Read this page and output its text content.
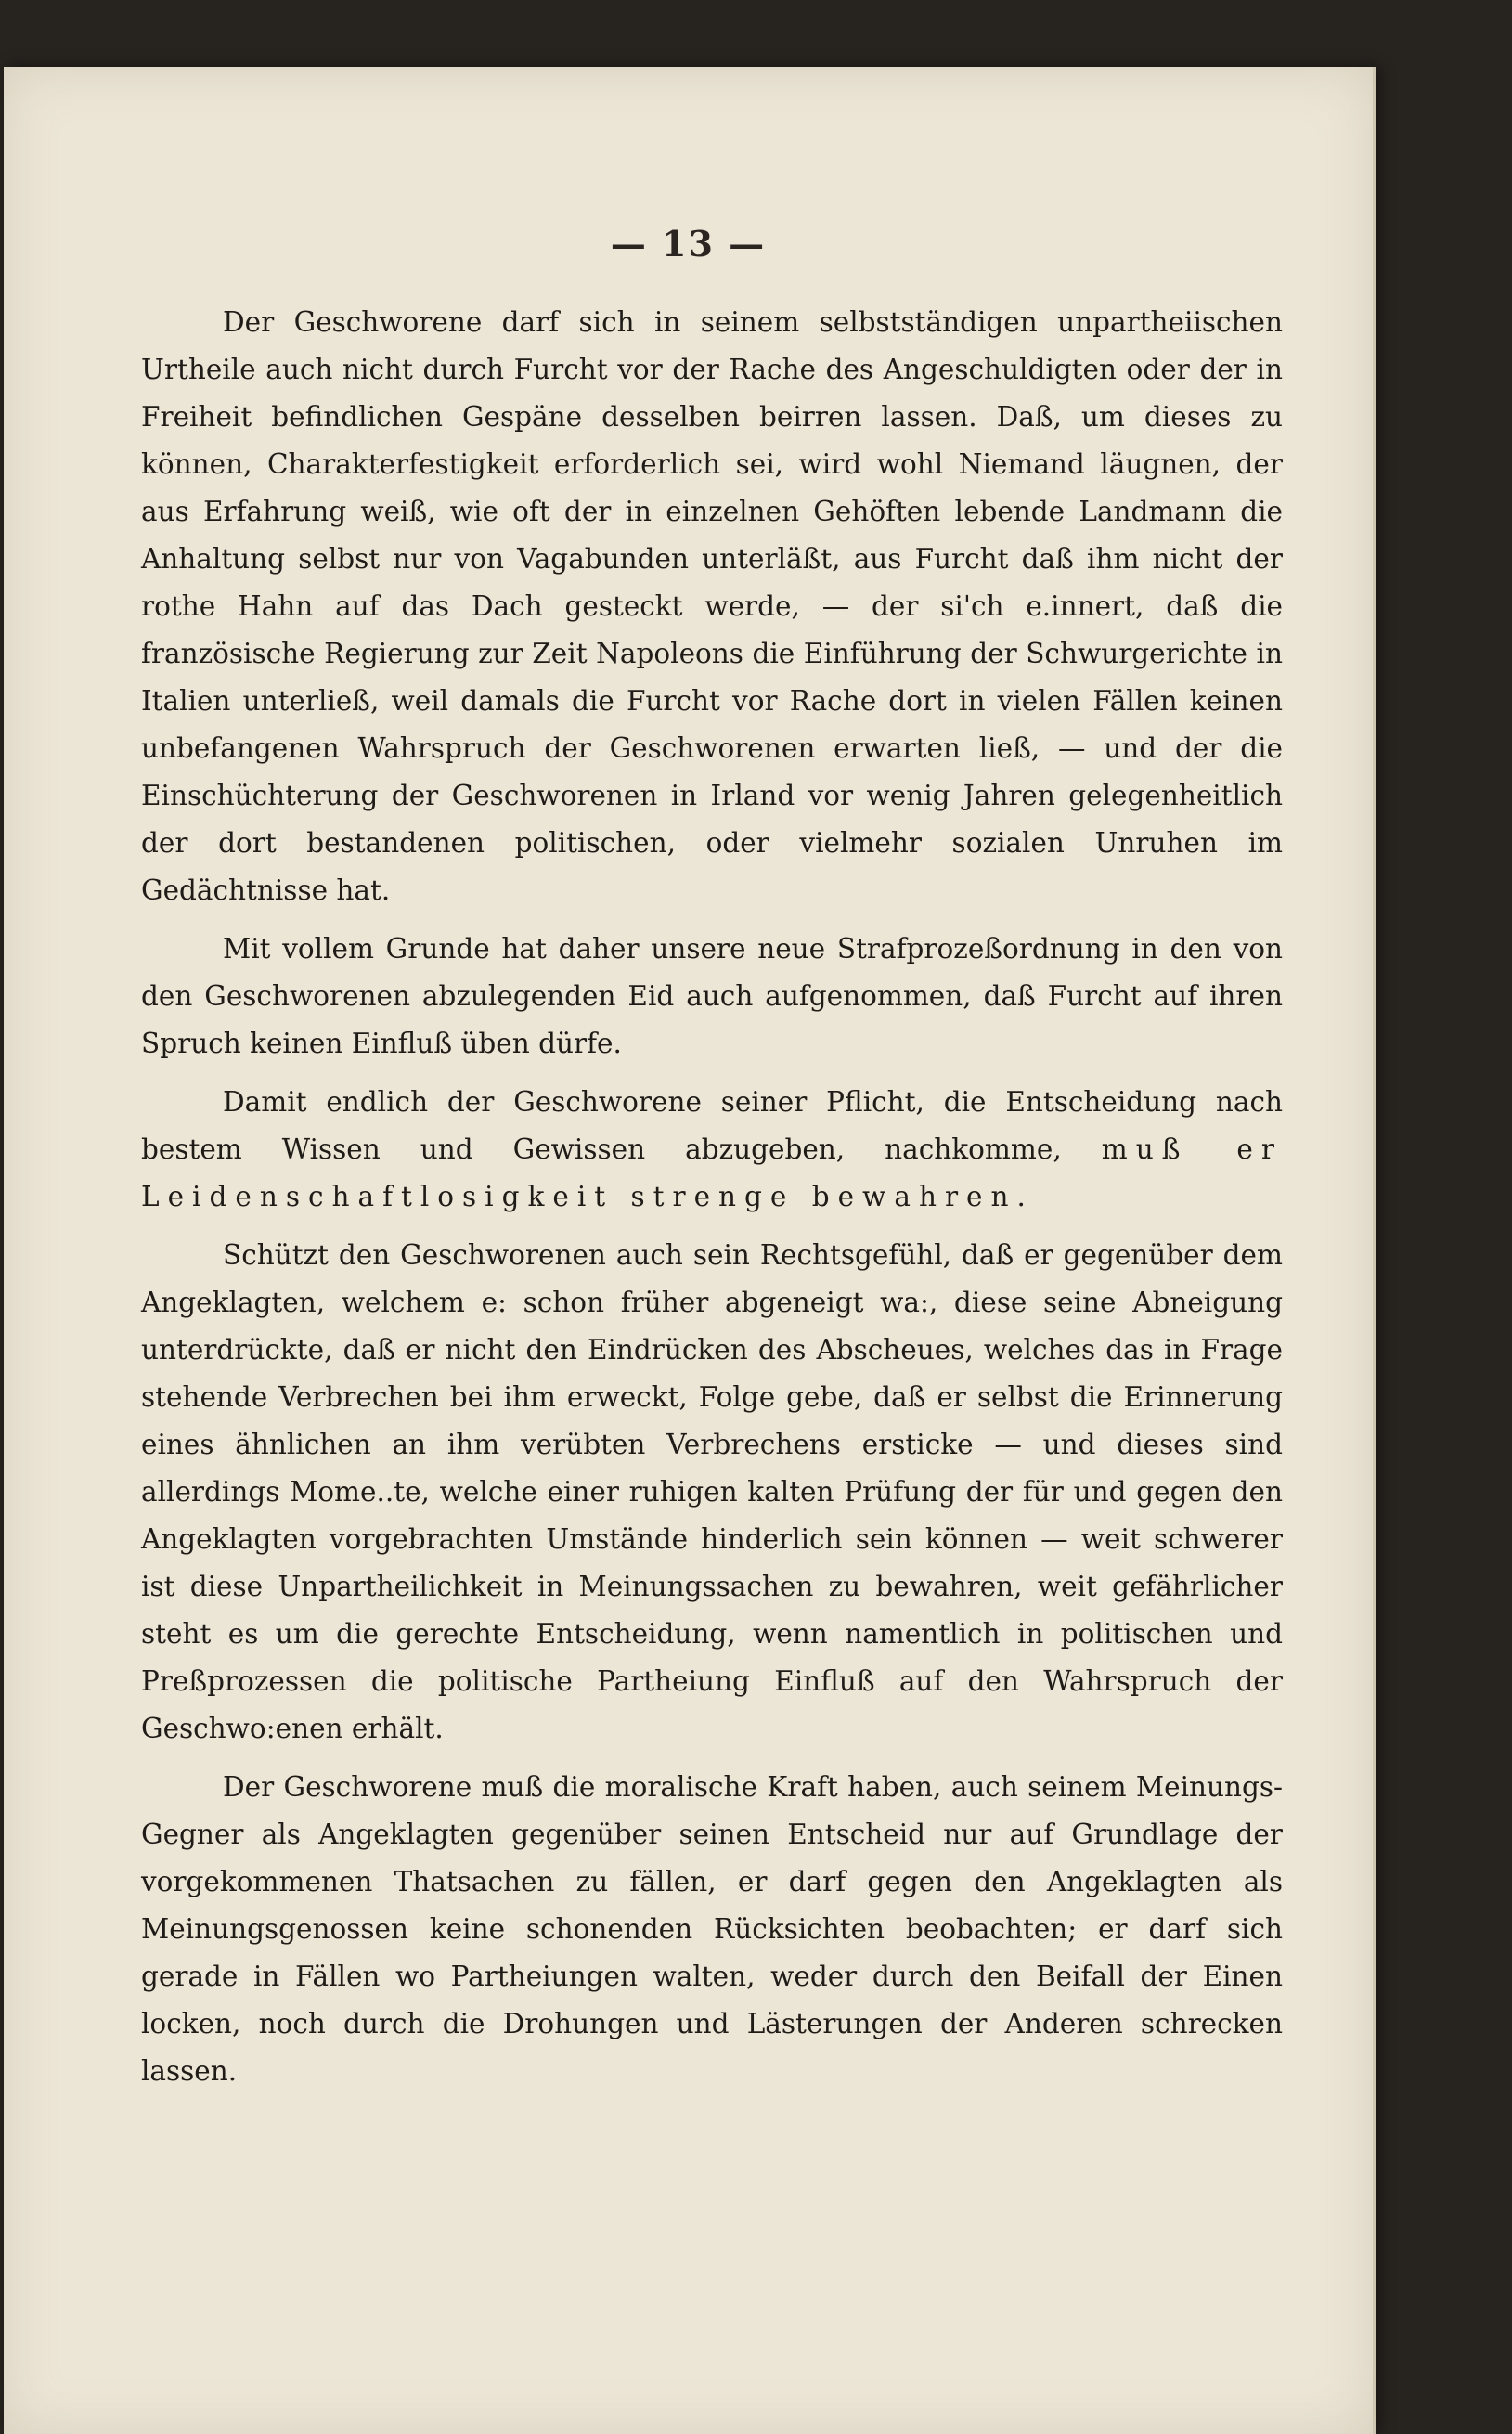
— 13 —

Der Geschworene darf sich in seinem selbstständigen unpartheiischen Urtheile auch nicht durch Furcht vor der Rache des Angeschuldigten oder der in Freiheit befindlichen Gespäne desselben beirren lassen. Daß, um dieses zu können, Charakterfestigkeit erforderlich sei, wird wohl Niemand läugnen, der aus Erfahrung weiß, wie oft der in einzelnen Gehöften lebende Landmann die Anhaltung selbst nur von Vagabunden unterläßt, aus Furcht daß ihm nicht der rothe Hahn auf das Dach gesteckt werde, — der si'ch e.innert, daß die französische Regierung zur Zeit Napoleons die Einführung der Schwurgerichte in Italien unterließ, weil damals die Furcht vor Rache dort in vielen Fällen keinen unbefangenen Wahrspruch der Geschworenen erwarten ließ, — und der die Einschüchterung der Geschworenen in Irland vor wenig Jahren gelegenheitlich der dort bestandenen politischen, oder vielmehr sozialen Unruhen im Gedächtnisse hat.

Mit vollem Grunde hat daher unsere neue Strafprozeßordnung in den von den Geschworenen abzulegenden Eid auch aufgenommen, daß Furcht auf ihren Spruch keinen Einfluß üben dürfe.

Damit endlich der Geschworene seiner Pflicht, die Entscheidung nach bestem Wissen und Gewissen abzugeben, nachkomme, muß er Leidenschaftlosigkeit strenge bewahren.

Schützt den Geschworenen auch sein Rechtsgefühl, daß er gegenüber dem Angeklagten, welchem e: schon früher abgeneigt wa:, diese seine Abneigung unterdrückte, daß er nicht den Eindrücken des Abscheues, welches das in Frage stehende Verbrechen bei ihm erweckt, Folge gebe, daß er selbst die Erinnerung eines ähnlichen an ihm verübten Verbrechens ersticke — und dieses sind allerdings Mome..te, welche einer ruhigen kalten Prüfung der für und gegen den Angeklagten vorgebrachten Umstände hinderlich sein können — weit schwerer ist diese Unpartheilichkeit in Meinungssachen zu bewahren, weit gefährlicher steht es um die gerechte Entscheidung, wenn namentlich in politischen und Preßprozessen die politische Partheiung Einfluß auf den Wahrspruch der Geschwo:enen erhält.

Der Geschworene muß die moralische Kraft haben, auch seinem Meinungs-Gegner als Angeklagten gegenüber seinen Entscheid nur auf Grundlage der vorgekommenen Thatsachen zu fällen, er darf gegen den Angeklagten als Meinungsgenossen keine schonenden Rücksichten beobachten; er darf sich gerade in Fällen wo Partheiungen walten, weder durch den Beifall der Einen locken, noch durch die Drohungen und Lästerungen der Anderen schrecken lassen.
